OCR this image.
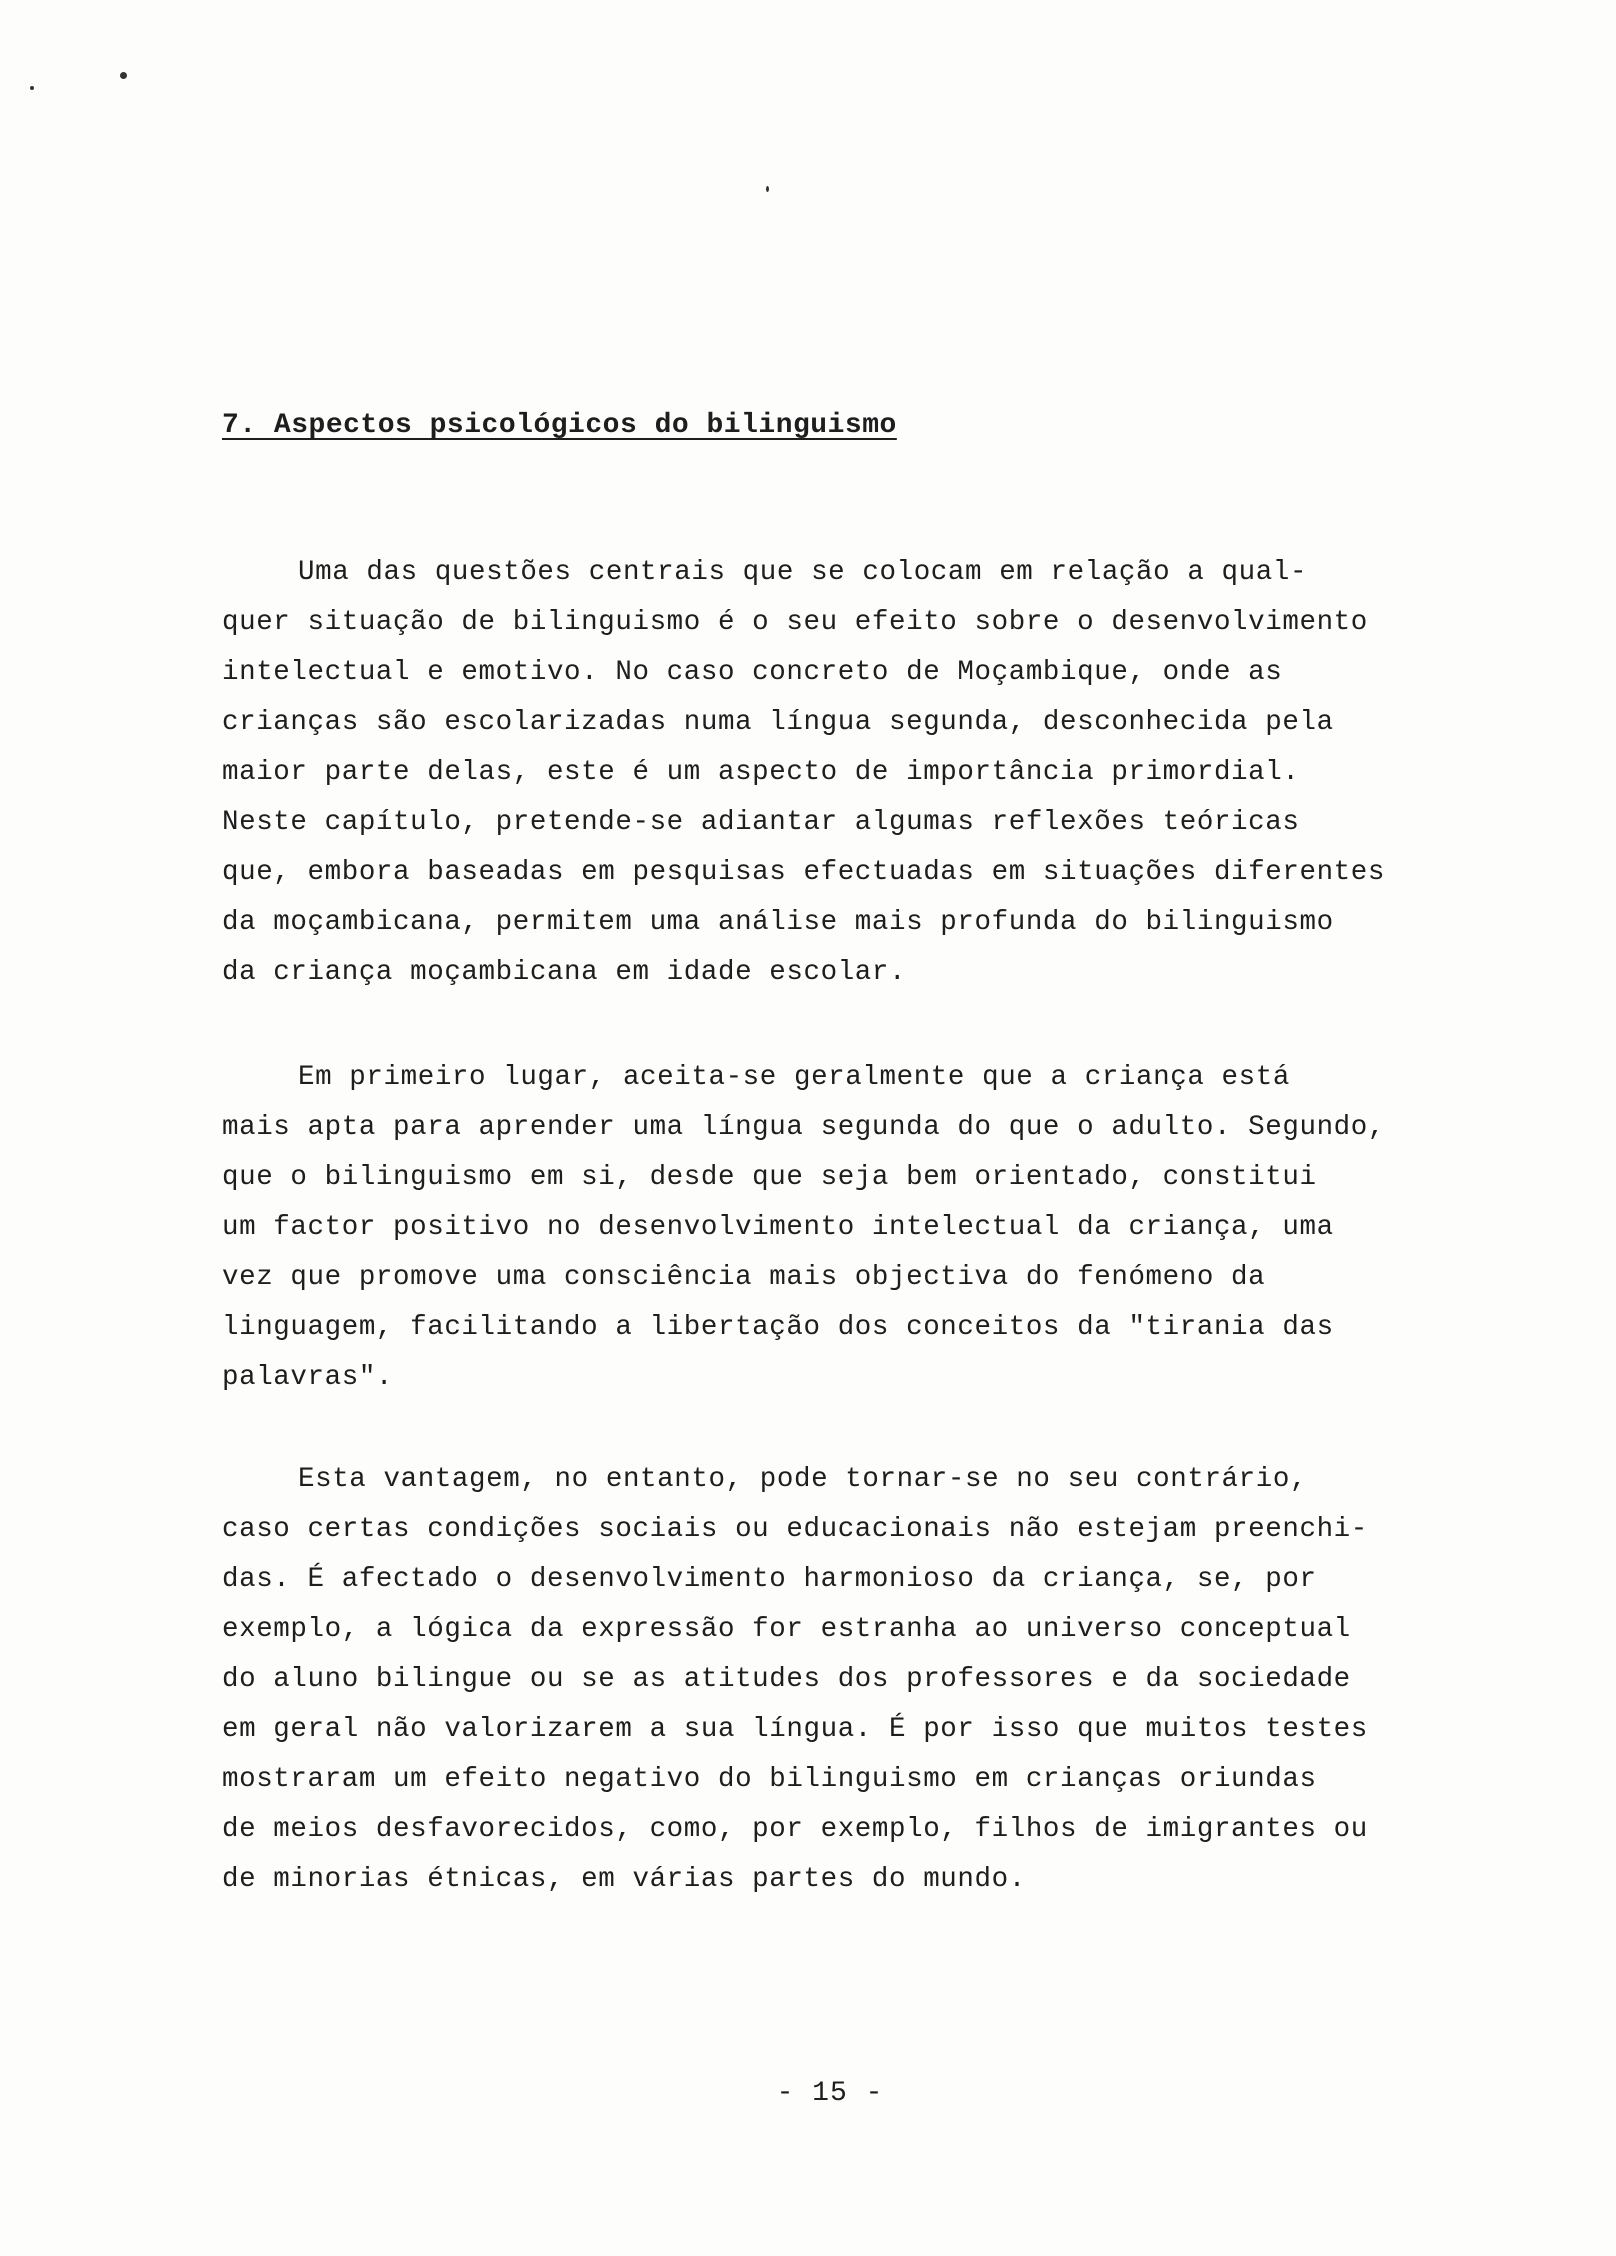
7. Aspectos psicológicos do bilinguismo
Uma das questões centrais que se colocam em relação a qual-
quer situação de bilinguismo é o seu efeito sobre o desenvolvimento
intelectual e emotivo. No caso concreto de Moçambique, onde as
crianças são escolarizadas numa língua segunda, desconhecida pela
maior parte delas, este é um aspecto de importância primordial.
Neste capítulo, pretende-se adiantar algumas reflexões teóricas
que, embora baseadas em pesquisas efectuadas em situações diferentes
da moçambicana, permitem uma análise mais profunda do bilinguismo
da criança moçambicana em idade escolar.
Em primeiro lugar, aceita-se geralmente que a criança está
mais apta para aprender uma língua segunda do que o adulto. Segundo,
que o bilinguismo em si, desde que seja bem orientado, constitui
um factor positivo no desenvolvimento intelectual da criança, uma
vez que promove uma consciência mais objectiva do fenómeno da
linguagem, facilitando a libertação dos conceitos da "tirania das
palavras".
Esta vantagem, no entanto, pode tornar-se no seu contrário,
caso certas condições sociais ou educacionais não estejam preenchi-
das. É afectado o desenvolvimento harmonioso da criança, se, por
exemplo, a lógica da expressão for estranha ao universo conceptual
do aluno bilingue ou se as atitudes dos professores e da sociedade
em geral não valorizarem a sua língua. É por isso que muitos testes
mostraram um efeito negativo do bilinguismo em crianças oriundas
de meios desfavorecidos, como, por exemplo, filhos de imigrantes ou
de minorias étnicas, em várias partes do mundo.
- 15 -
